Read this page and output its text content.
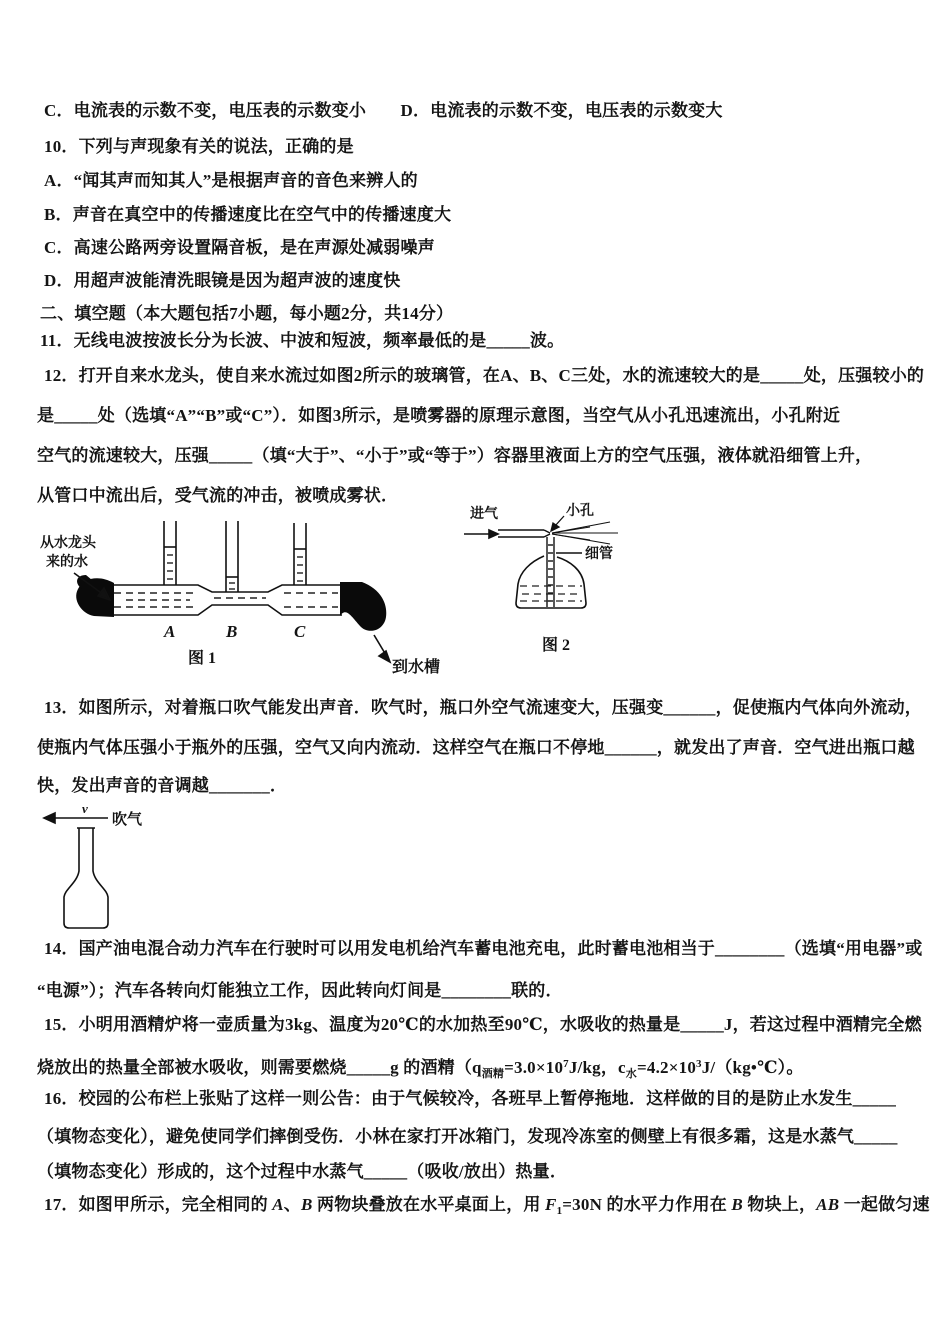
C．电流表的示数不变，电压表的示数变小　　D．电流表的示数不变，电压表的示数变大
10．下列与声现象有关的说法，正确的是
A．“闻其声而知其人”是根据声音的音色来辨人的
B．声音在真空中的传播速度比在空气中的传播速度大
C．高速公路两旁设置隔音板，是在声源处减弱噪声
D．用超声波能清洗眼镜是因为超声波的速度快
二、填空题（本大题包括7小题，每小题2分，共14分）
11．无线电波按波长分为长波、中波和短波，频率最低的是_____波。
12．打开自来水龙头，使自来水流过如图2所示的玻璃管，在A、B、C三处，水的流速较大的是_____处，压强较小的
是_____处（选填“A”“B”或“C”）．如图3所示，是喷雾器的原理示意图，当空气从小孔迅速流出，小孔附近
空气的流速较大，压强_____（填“大于”、“小于”或“等于”）容器里液面上方的空气压强，液体就沿细管上升，
从管口中流出后，受气流的冲击，被喷成雾状．
从水龙头
来的水
A	B	C
图 1
到水槽
进气	小孔
细管
图 2
13．如图所示，对着瓶口吹气能发出声音．吹气时，瓶口外空气流速变大，压强变______，促使瓶内气体向外流动，
使瓶内气体压强小于瓶外的压强，空气又向内流动．这样空气在瓶口不停地______，就发出了声音．空气进出瓶口越
快，发出声音的音调越_______．
v
吹气
14．国产油电混合动力汽车在行驶时可以用发电机给汽车蓄电池充电，此时蓄电池相当于________（选填“用电器”或
“电源”）；汽车各转向灯能独立工作，因此转向灯间是________联的．
15．小明用酒精炉将一壶质量为3kg、温度为20℃的水加热至90℃，水吸收的热量是_____J，若这过程中酒精完全燃
烧放出的热量全部被水吸收，则需要燃烧_____g 的酒精（$q_{酒精}=3.0\times 10^7J/kg$，$c_水=4.2\times 10^3J/(kg•℃)$。
16．校园的公布栏上张贴了这样一则公告：由于气候较冷，各班早上暂停拖地．这样做的目的是防止水发生_____
（填物态变化），避免使同学们摔倒受伤．小林在家打开冰箱门，发现冷冻室的侧壁上有很多霜，这是水蒸气_____
（填物态变化）形成的，这个过程中水蒸气_____（吸收/放出）热量．
17．如图甲所示，完全相同的 A、B 两物块叠放在水平桌面上，用 $F_1=30N$ 的水平力作用在 B 物块上，AB 一起做匀速
